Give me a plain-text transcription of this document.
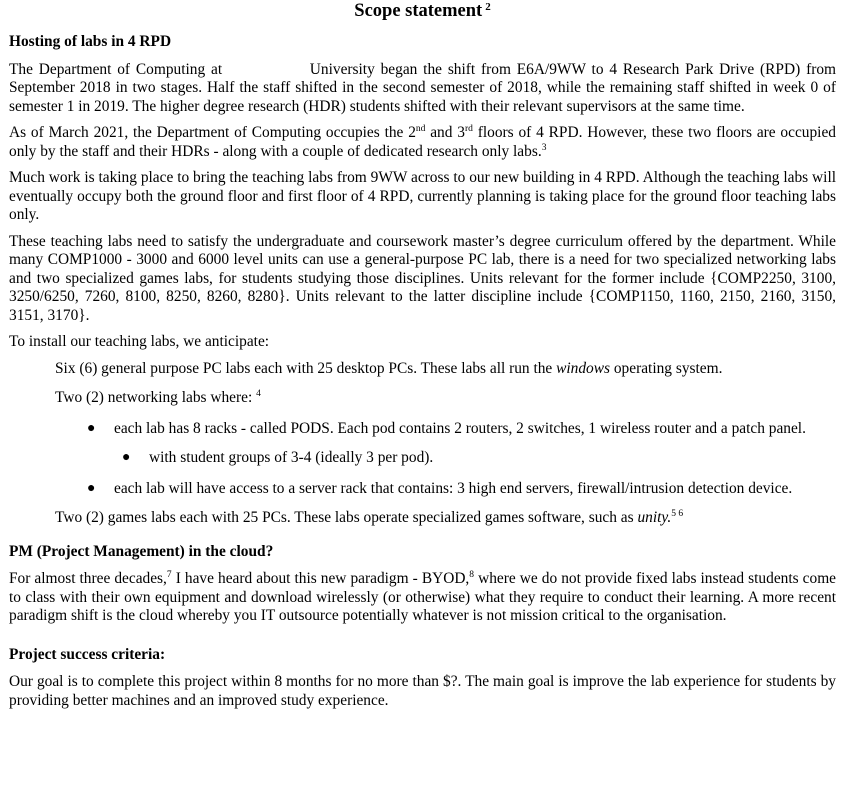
Scope statement $^2$
Hosting of labs in 4 RPD

The Department of Computing at	University began the shift from E6A/9WW to 4 Research Park Drive (RPD) from September 2018 in two stages. Half the staff shifted in the second semester of 2018, while the remaining staff shifted in week 0 of semester 1 in 2019. The higher degree research (HDR) students shifted with their relevant supervisors at the same time.

As of March 2021, the Department of Computing occupies the 2nd and 3rd floors of 4 RPD. However, these two floors are occupied only by the staff and their HDRs - along with a couple of dedicated research only labs.$^3$

Much work is taking place to bring the teaching labs from 9WW across to our new building in 4 RPD. Although the teaching labs will eventually occupy both the ground floor and first floor of 4 RPD, currently planning is taking place for the ground floor teaching labs only.

These teaching labs need to satisfy the undergraduate and coursework master’s degree curriculum offered by the department. While many COMP1000 - 3000 and 6000 level units can use a general-purpose PC lab, there is a need for two specialized networking labs and two specialized games labs, for students studying those disciplines. Units relevant for the former include {COMP2250, 3100, 3250/6250, 7260, 8100, 8250, 8260, 8280}. Units relevant to the latter discipline include {COMP1150, 1160, 2150, 2160, 3150, 3151, 3170}.

To install our teaching labs, we anticipate:

Six (6) general purpose PC labs each with 25 desktop PCs. These labs all run the windows operating system.
Two (2) networking labs where: $^4$
● each lab has 8 racks - called PODS. Each pod contains 2 routers, 2 switches, 1 wireless router and a patch panel.
● with student groups of 3-4 (ideally 3 per pod).
● each lab will have access to a server rack that contains: 3 high end servers, firewall/intrusion detection device.
Two (2) games labs each with 25 PCs. These labs operate specialized games software, such as unity.$^{5 6}$
PM (Project Management) in the cloud?

For almost three decades,$^7$ I have heard about this new paradigm - BYOD,$^8$ where we do not provide fixed labs instead students come to class with their own equipment and download wirelessly (or otherwise) what they require to conduct their learning. A more recent paradigm shift is the cloud whereby you IT outsource potentially whatever is not mission critical to the organisation.

Project success criteria:

Our goal is to complete this project within 8 months for no more than $?. The main goal is improve the lab experience for students by providing better machines and an improved study experience.
